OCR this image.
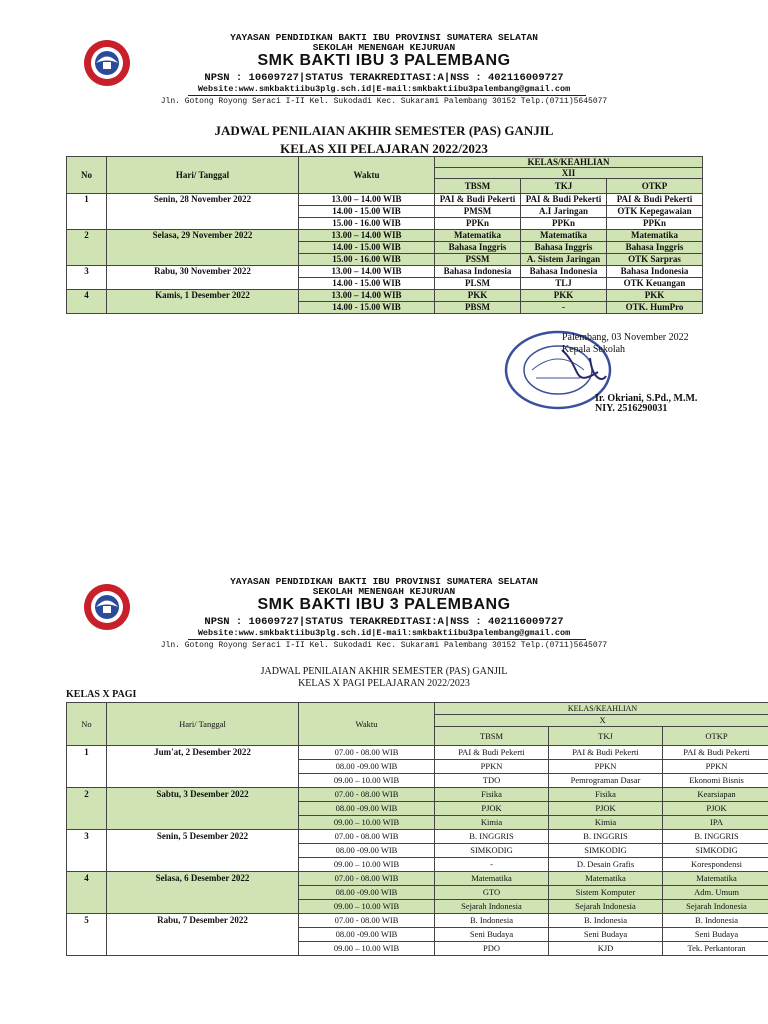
YAYASAN PENDIDIKAN BAKTI IBU PROVINSI SUMATERA SELATAN
SEKOLAH MENENGAH KEJURUAN
SMK BAKTI IBU 3 PALEMBANG
NPSN : 10609727|STATUS TERAKREDITASI:A|NSS : 402116009727
Website:www.smkbaktiibu3plg.sch.id|E-mail:smkbaktiibu3palembang@gmail.com
Jln. Gotong Royong Seraci I-II Kel. Sukodadi Kec. Sukarami Palembang 30152 Telp.(0711)5645077
JADWAL PENILAIAN AKHIR SEMESTER (PAS) GANJIL
KELAS XII PELAJARAN 2022/2023
No	Hari/ Tanggal	Waktu	KELAS/KEAHLIAN		
			XII		
			TBSM	TKJ	OTKP
1	Senin, 28 November 2022	13.00 – 14.00 WIB	PAI & Budi Pekerti	PAI & Budi Pekerti	PAI & Budi Pekerti
		14.00 - 15.00 WIB	PMSM	A.I Jaringan	OTK Kepegawaian
		15.00 - 16.00 WIB	PPKn	PPKn	PPKn
2	Selasa, 29 November 2022	13.00 – 14.00 WIB	Matematika	Matematika	Matematika
		14.00 - 15.00 WIB	Bahasa Inggris	Bahasa Inggris	Bahasa Inggris
		15.00 - 16.00 WIB	PSSM	A. Sistem Jaringan	OTK Sarpras
3	Rabu, 30 November 2022	13.00 – 14.00 WIB	Bahasa Indonesia	Bahasa Indonesia	Bahasa Indonesia
		14.00 - 15.00 WIB	PLSM	TLJ	OTK Keuangan
4	Kamis, 1 Desember 2022	13.00 – 14.00 WIB	PKK	PKK	PKK
		14.00 - 15.00 WIB	PBSM	-	OTK. HumPro
Palembang, 03 November 2022
Kepala Sekolah
Ir. Okriani, S.Pd., M.M.
NIY. 2516290031
YAYASAN PENDIDIKAN BAKTI IBU PROVINSI SUMATERA SELATAN
SEKOLAH MENENGAH KEJURUAN
SMK BAKTI IBU 3 PALEMBANG
NPSN : 10609727|STATUS TERAKREDITASI:A|NSS : 402116009727
Website:www.smkbaktiibu3plg.sch.id|E-mail:smkbaktiibu3palembang@gmail.com
Jln. Gotong Royong Seraci I-II Kel. Sukodadi Kec. Sukarami Palembang 30152 Telp.(0711)5645077
JADWAL PENILAIAN AKHIR SEMESTER (PAS) GANJIL
KELAS X PAGI PELAJARAN 2022/2023
KELAS X PAGI
No	Hari/ Tanggal	Waktu	KELAS/KEAHLIAN		
			X		
			TBSM	TKJ	OTKP
1	Jum'at, 2 Desember 2022	07.00 - 08.00 WIB	PAI & Budi Pekerti	PAI & Budi Pekerti	PAI & Budi Pekerti
		08.00 -09.00 WIB	PPKN	PPKN	PPKN
		09.00 – 10.00 WIB	TDO	Pemrograman Dasar	Ekonomi Bisnis
2	Sabtu, 3 Desember 2022	07.00 - 08.00 WIB	Fisika	Fisika	Kearsiapan
		08.00 -09.00 WIB	PJOK	PJOK	PJOK
		09.00 – 10.00 WIB	Kimia	Kimia	IPA
3	Senin, 5 Desember 2022	07.00 - 08.00 WIB	B. INGGRIS	B. INGGRIS	B. INGGRIS
		08.00 -09.00 WIB	SIMKODIG	SIMKODIG	SIMKODIG
		09.00 – 10.00 WIB	-	D. Desain Grafis	Korespondensi
4	Selasa, 6 Desember 2022	07.00 - 08.00 WIB	Matematika	Matematika	Matematika
		08.00 -09.00 WIB	GTO	Sistem Komputer	Adm. Umum
		09.00 – 10.00 WIB	Sejarah Indonesia	Sejarah Indonesia	Sejarah Indonesia
5	Rabu, 7 Desember 2022	07.00 - 08.00 WIB	B. Indonesia	B. Indonesia	B. Indonesia
		08.00 -09.00 WIB	Seni Budaya	Seni Budaya	Seni Budaya
		09.00 – 10.00 WIB	PDO	KJD	Tek. Perkantoran
